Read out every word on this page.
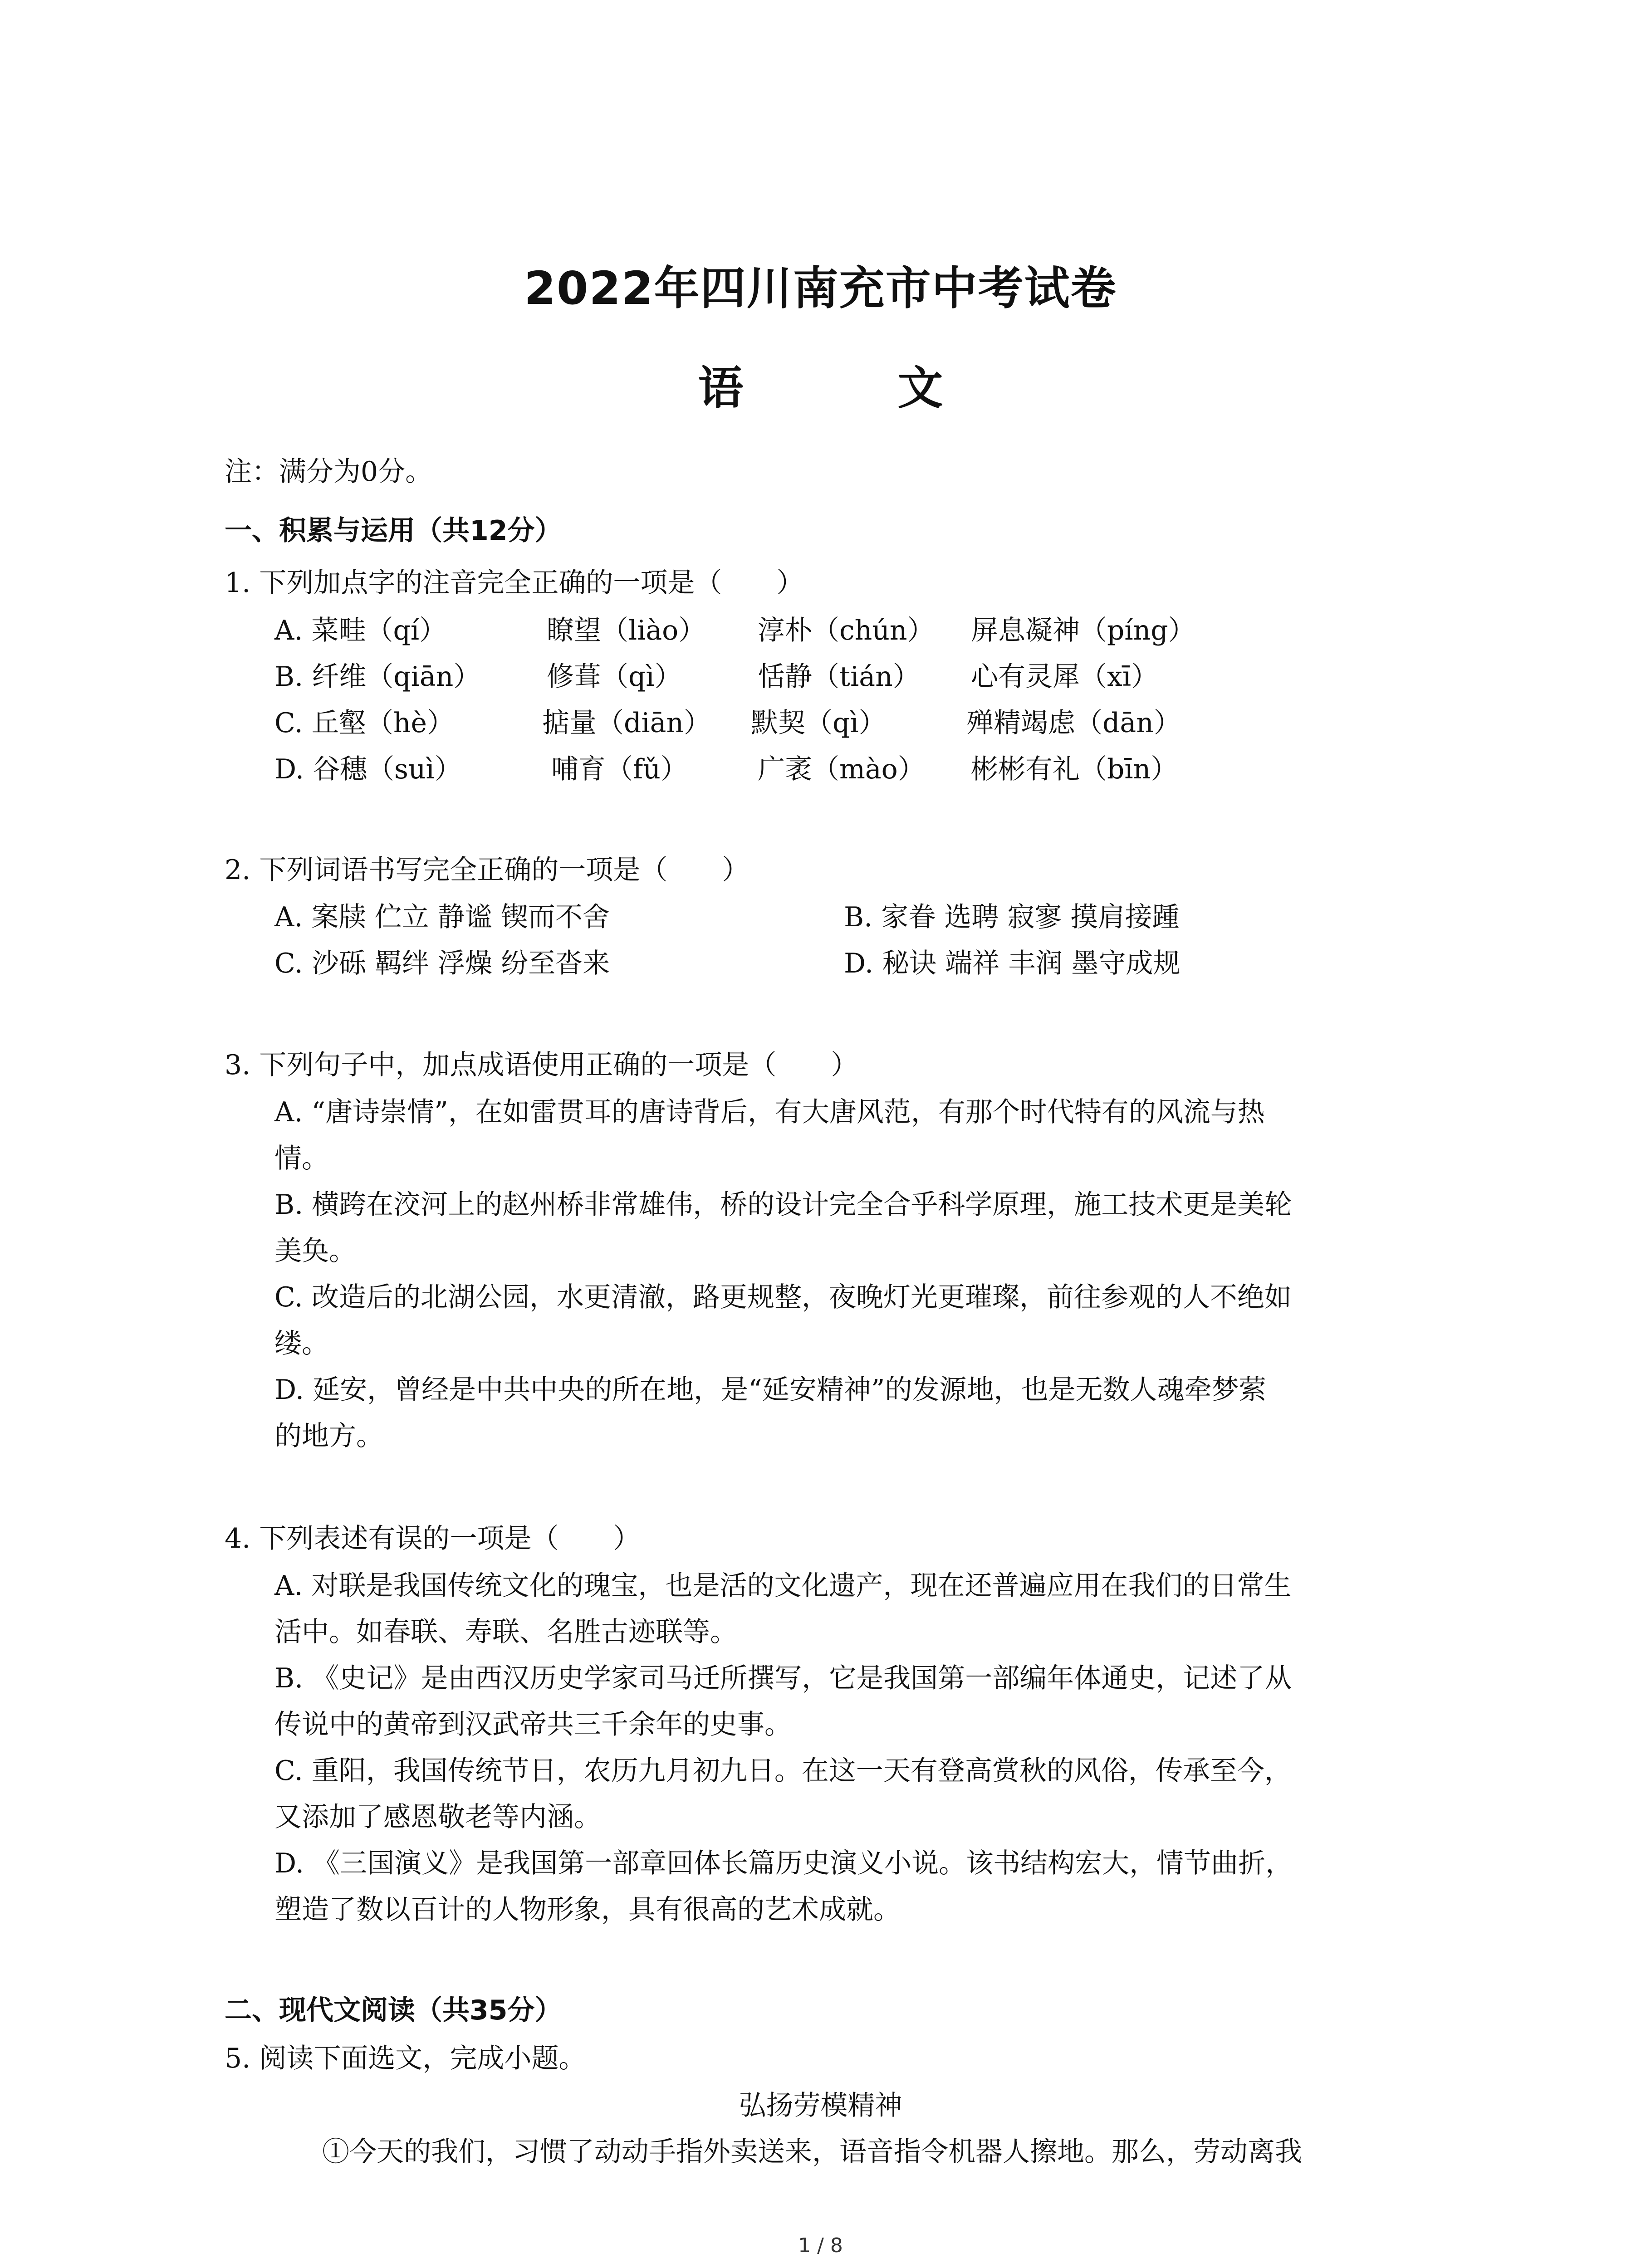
2022年四川南充市中考试卷
语　文
注：满分为0分。
一、积累与运用（共12分）
1. 下列加点字的注音完全正确的一项是（　　）
A. 菜畦（qí）	瞭望（liào） 淳朴（chún） 屏息凝神（píng）
B. 纤维（qiān） 修葺（qì）	恬静（tián） 心有灵犀（xī）
C. 丘壑（hè）	掂量（diān） 默契（qì）	殚精竭虑（dān）
D. 谷穗（suì）	哺育（fǔ）	广袤（mào） 彬彬有礼（bīn）
2. 下列词语书写完全正确的一项是（　　）
A. 案牍 伫立 静谧 锲而不舍	B. 家眷 选聘 寂寥 摸肩接踵
C. 沙砾 羁绊 浮燥 纷至沓来	D. 秘诀 端祥 丰润 墨守成规
3. 下列句子中，加点成语使用正确的一项是（　　）
A. “唐诗崇情”，在如雷贯耳的唐诗背后，有大唐风范，有那个时代特有的风流与热
情。
B. 横跨在洨河上的赵州桥非常雄伟，桥的设计完全合乎科学原理，施工技术更是美轮
美奂。
C. 改造后的北湖公园，水更清澈，路更规整，夜晚灯光更璀璨，前往参观的人不绝如
缕。
D. 延安，曾经是中共中央的所在地，是“延安精神”的发源地，也是无数人魂牵梦萦
的地方。
4. 下列表述有误的一项是（　　）
A. 对联是我国传统文化的瑰宝，也是活的文化遗产，现在还普遍应用在我们的日常生
活中。如春联、寿联、名胜古迹联等。
B. 《史记》是由西汉历史学家司马迁所撰写，它是我国第一部编年体通史，记述了从
传说中的黄帝到汉武帝共三千余年的史事。
C. 重阳，我国传统节日，农历九月初九日。在这一天有登高赏秋的风俗，传承至今，
又添加了感恩敬老等内涵。
D. 《三国演义》是我国第一部章回体长篇历史演义小说。该书结构宏大，情节曲折，
塑造了数以百计的人物形象，具有很高的艺术成就。
二、现代文阅读（共35分）
5. 阅读下面选文，完成小题。
弘扬劳模精神
①今天的我们，习惯了动动手指外卖送来，语音指令机器人擦地。那么，劳动离我
1 / 8
